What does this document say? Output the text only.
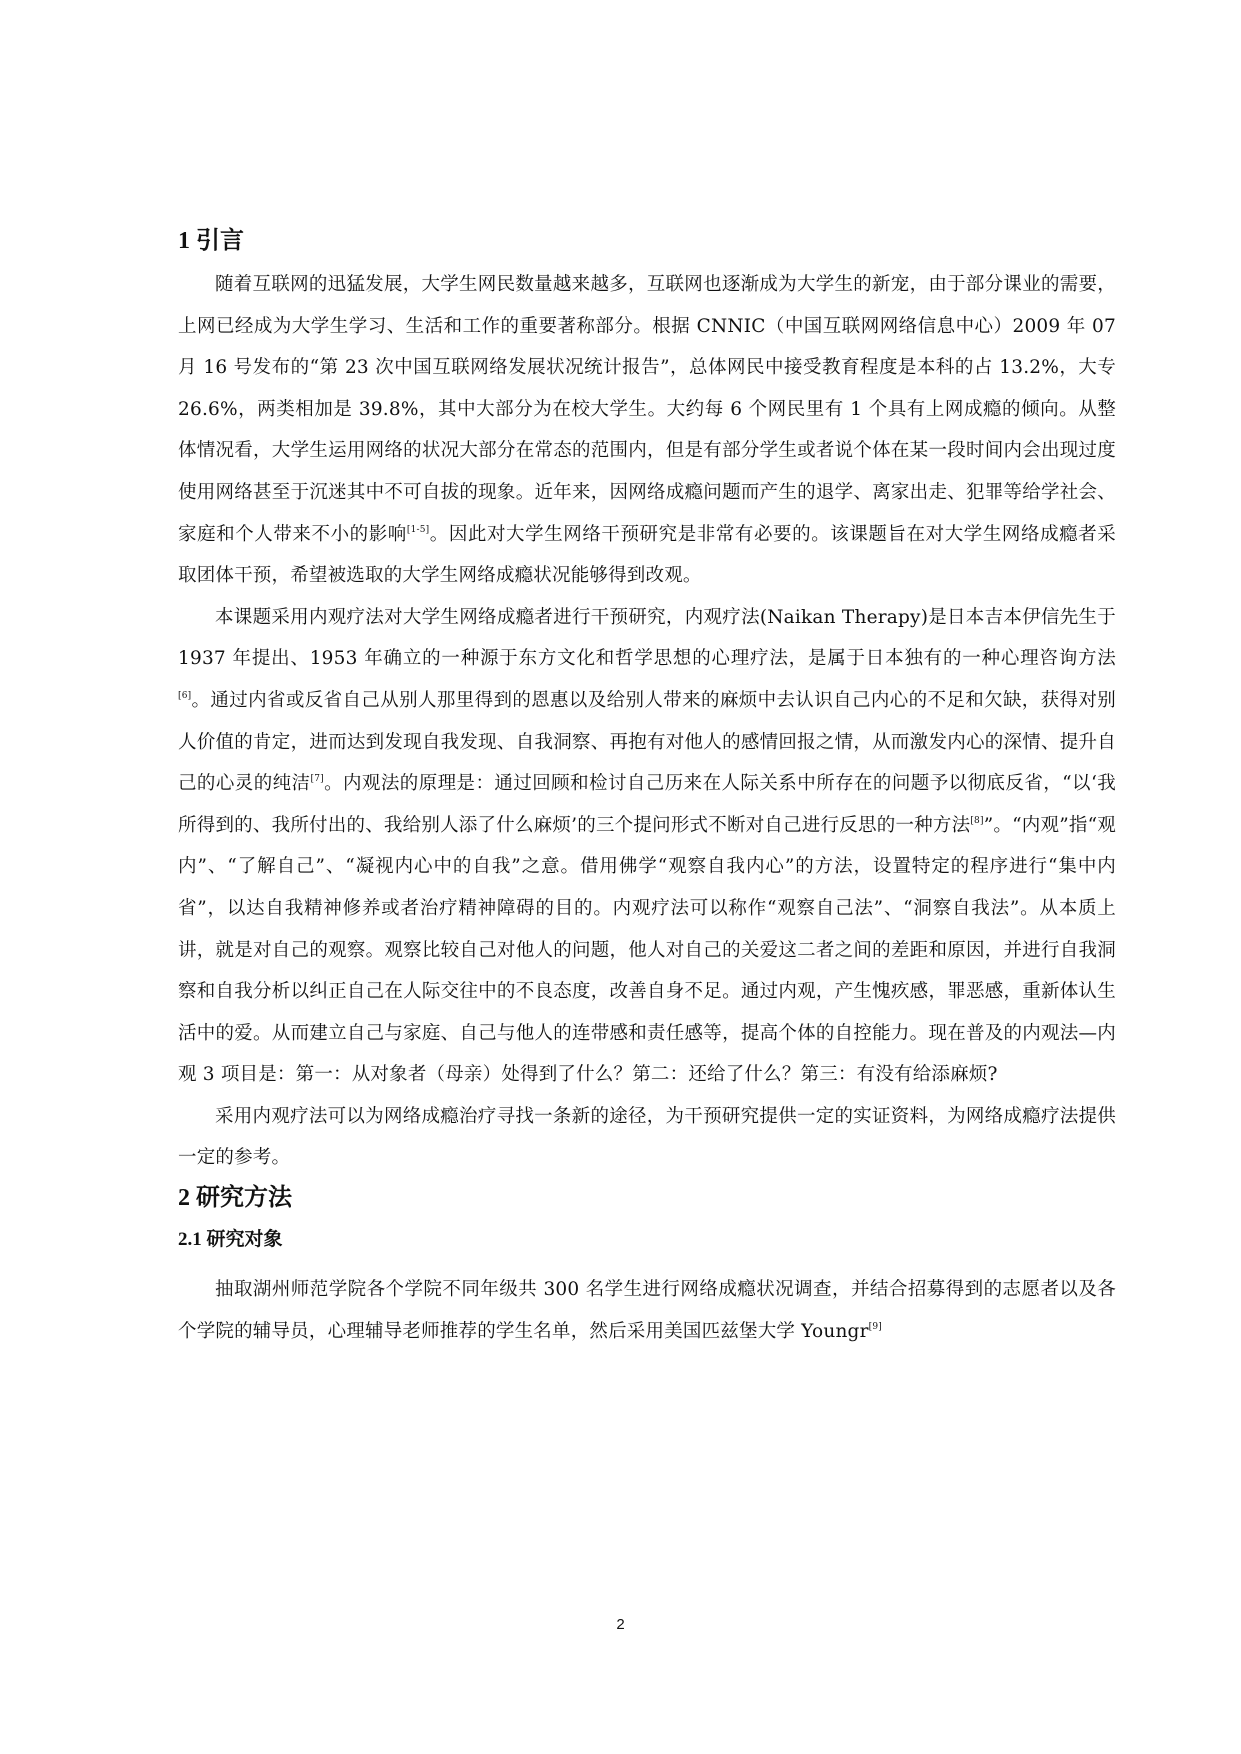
1 引言

随着互联网的迅猛发展，大学生网民数量越来越多，互联网也逐渐成为大学生的新宠，由于部分课业的需要，上网已经成为大学生学习、生活和工作的重要著称部分。根据 CNNIC（中国互联网网络信息中心）2009 年 07 月 16 号发布的“第 23 次中国互联网络发展状况统计报告”，总体网民中接受教育程度是本科的占 13.2%，大专 26.6%，两类相加是 39.8%，其中大部分为在校大学生。大约每 6 个网民里有 1 个具有上网成瘾的倾向。从整体情况看，大学生运用网络的状况大部分在常态的范围内，但是有部分学生或者说个体在某一段时间内会出现过度使用网络甚至于沉迷其中不可自拔的现象。近年来，因网络成瘾问题而产生的退学、离家出走、犯罪等给学社会、家庭和个人带来不小的影响[1-5]。因此对大学生网络干预研究是非常有必要的。该课题旨在对大学生网络成瘾者采取团体干预，希望被选取的大学生网络成瘾状况能够得到改观。

本课题采用内观疗法对大学生网络成瘾者进行干预研究，内观疗法(Naikan Therapy)是日本吉本伊信先生于 1937 年提出、1953 年确立的一种源于东方文化和哲学思想的心理疗法，是属于日本独有的一种心理咨询方法[6]。通过内省或反省自己从别人那里得到的恩惠以及给别人带来的麻烦中去认识自己内心的不足和欠缺，获得对别人价值的肯定，进而达到发现自我发现、自我洞察、再抱有对他人的感情回报之情，从而激发内心的深情、提升自己的心灵的纯洁[7]。内观法的原理是：通过回顾和检讨自己历来在人际关系中所存在的问题予以彻底反省，“以‘我所得到的、我所付出的、我给别人添了什么麻烦’的三个提问形式不断对自己进行反思的一种方法[8]”。“内观”指“观内”、“了解自己”、“凝视内心中的自我”之意。借用佛学“观察自我内心”的方法，设置特定的程序进行“集中内省”，以达自我精神修养或者治疗精神障碍的目的。内观疗法可以称作“观察自己法”、“洞察自我法”。从本质上讲，就是对自己的观察。观察比较自己对他人的问题，他人对自己的关爱这二者之间的差距和原因，并进行自我洞察和自我分析以纠正自己在人际交往中的不良态度，改善自身不足。通过内观，产生愧疚感，罪恶感，重新体认生活中的爱。从而建立自己与家庭、自己与他人的连带感和责任感等，提高个体的自控能力。现在普及的内观法—内观 3 项目是：第一：从对象者（母亲）处得到了什么？第二：还给了什么？第三：有没有给添麻烦?

采用内观疗法可以为网络成瘾治疗寻找一条新的途径，为干预研究提供一定的实证资料，为网络成瘾疗法提供一定的参考。

2 研究方法
2.1 研究对象

抽取湖州师范学院各个学院不同年级共 300 名学生进行网络成瘾状况调查，并结合招募得到的志愿者以及各个学院的辅导员，心理辅导老师推荐的学生名单，然后采用美国匹兹堡大学 Youngr[9]

2
